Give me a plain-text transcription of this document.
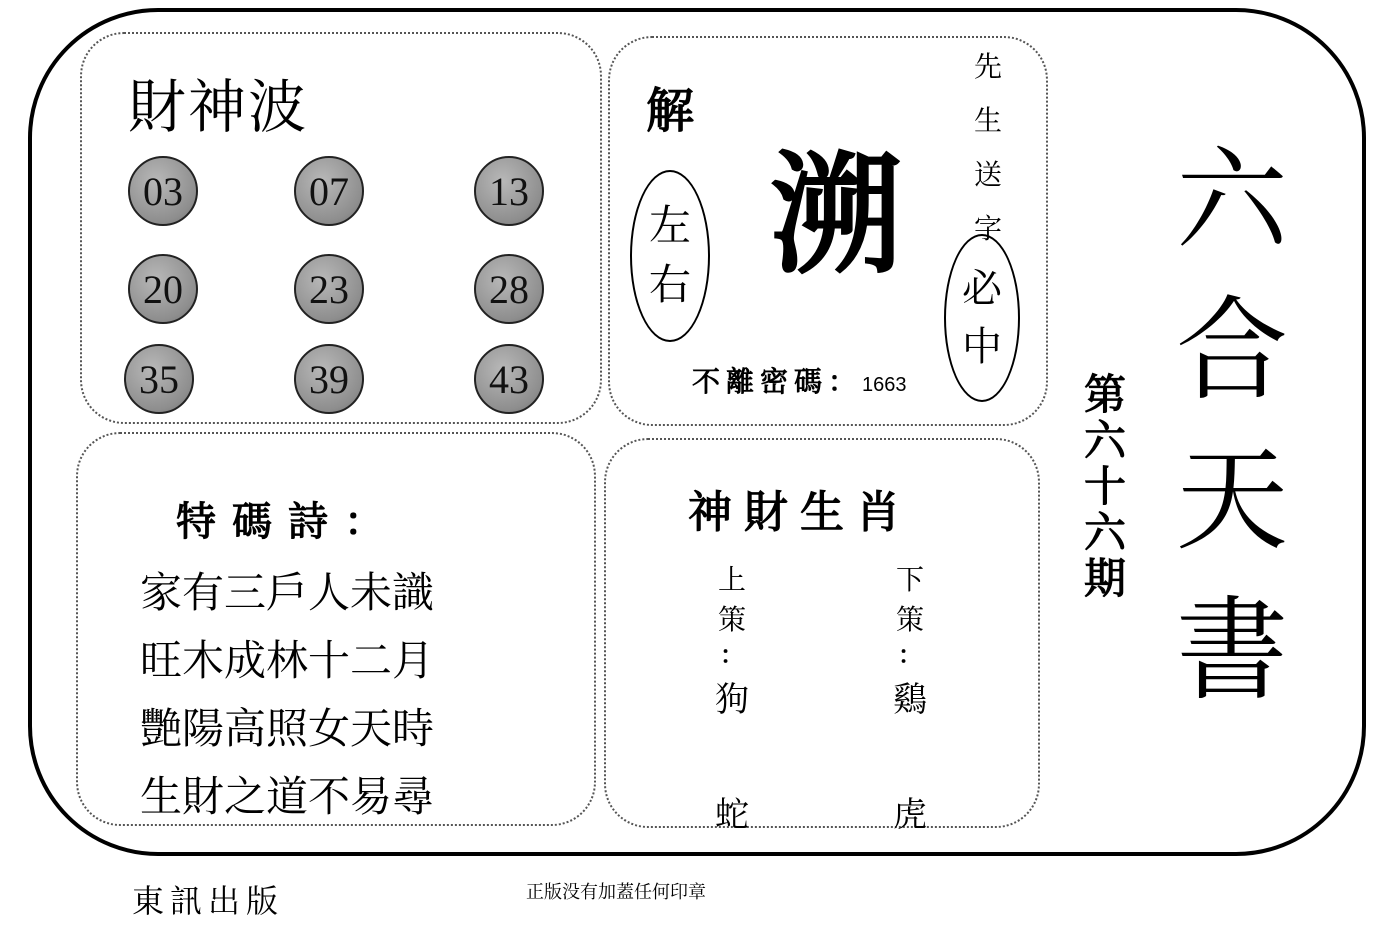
財神波
03	07	13
20	23	28
35	39	43
解
左
右 溯
先
生
送
字
必
中
不離密碼：1663
特碼詩：
家有三戶人未識
旺木成林十二月
艷陽高照女天時
生財之道不易尋
神財生肖
上
策
：
狗
蛇
下
策
：
鷄
虎
第
六
十
六
期
六
合
天
書
東訊出版	正版没有加蓋任何印章
